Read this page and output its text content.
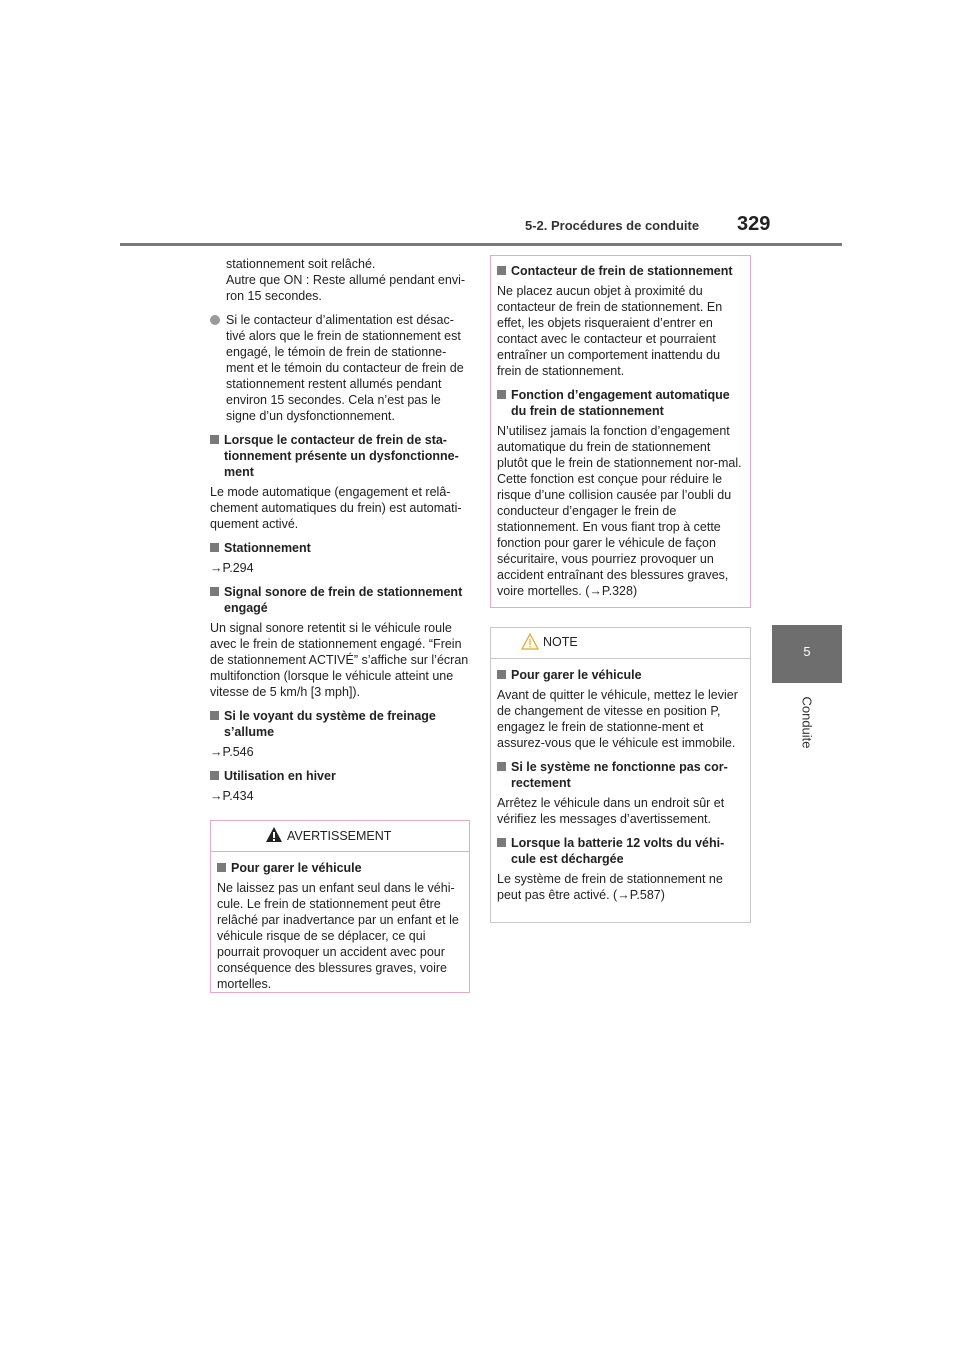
5-2. Procédures de conduite 329
5
Conduite

stationnement soit relâché.
Autre que ON : Reste allumé pendant envi-ron 15 secondes.

Si le contacteur d’alimentation est désac-tivé alors que le frein de stationnement est engagé, le témoin de frein de stationne-ment et le témoin du contacteur de frein de stationnement restent allumés pendant environ 15 secondes. Cela n’est pas le signe d’un dysfonctionnement.
Lorsque le contacteur de frein de sta-tionnement présente un dysfonctionne-ment

Le mode automatique (engagement et relâ-chement automatiques du frein) est automati-quement activé.

Stationnement

→P.294

Signal sonore de frein de stationnement engagé

Un signal sonore retentit si le véhicule roule avec le frein de stationnement engagé. “Frein de stationnement ACTIVÉ” s’affiche sur l’écran multifonction (lorsque le véhicule atteint une vitesse de 5 km/h [3 mph]).

Si le voyant du système de freinage s’allume

→P.546

Utilisation en hiver

→P.434

AVERTISSEMENT
Pour garer le véhicule

Ne laissez pas un enfant seul dans le véhi-cule. Le frein de stationnement peut être relâché par inadvertance par un enfant et le véhicule risque de se déplacer, ce qui pourrait provoquer un accident avec pour conséquence des blessures graves, voire mortelles.

Contacteur de frein de stationnement

Ne placez aucun objet à proximité du contacteur de frein de stationnement. En effet, les objets risqueraient d’entrer en contact avec le contacteur et pourraient entraîner un comportement inattendu du frein de stationnement.

Fonction d’engagement automatique du frein de stationnement

N’utilisez jamais la fonction d’engagement automatique du frein de stationnement plutôt que le frein de stationnement nor-mal. Cette fonction est conçue pour réduire le risque d’une collision causée par l’oubli du conducteur d’engager le frein de stationnement. En vous fiant trop à cette fonction pour garer le véhicule de façon sécuritaire, vous pourriez provoquer un accident entraînant des blessures graves, voire mortelles. (→P.328)

NOTE
Pour garer le véhicule

Avant de quitter le véhicule, mettez le levier de changement de vitesse en position P, engagez le frein de stationne-ment et assurez-vous que le véhicule est immobile.

Si le système ne fonctionne pas cor-rectement

Arrêtez le véhicule dans un endroit sûr et vérifiez les messages d’avertissement.

Lorsque la batterie 12 volts du véhi-cule est déchargée

Le système de frein de stationnement ne peut pas être activé. (→P.587)
